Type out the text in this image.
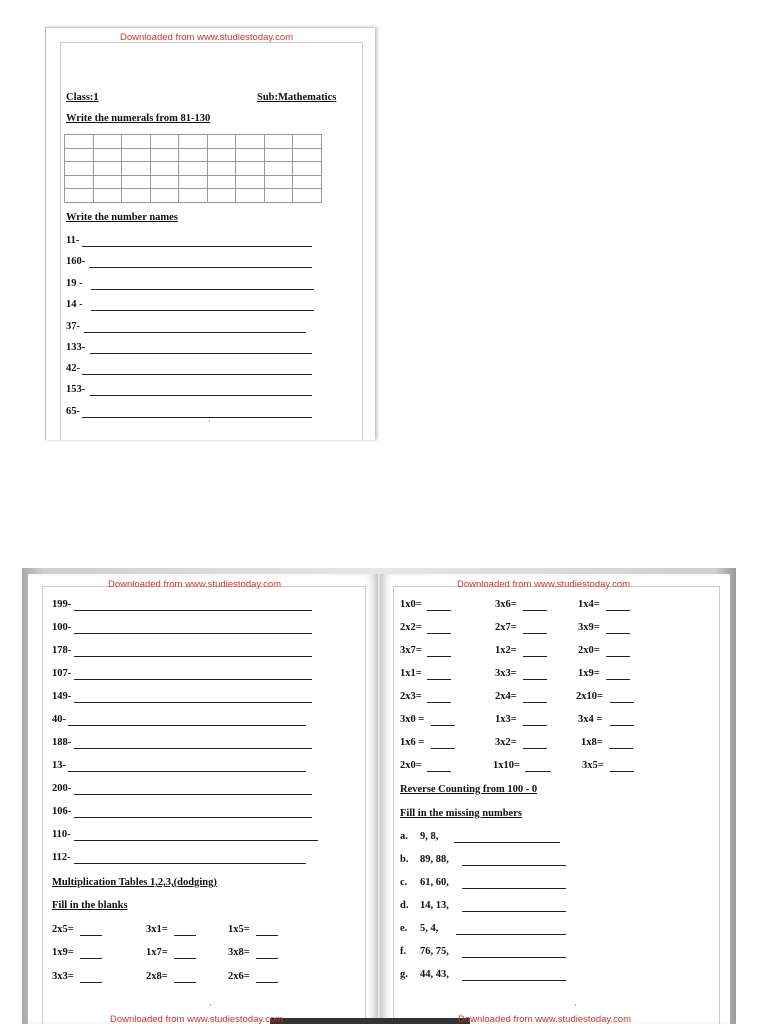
Downloaded from www.studiestoday.com
Class:1	Sub:Mathematics
Write the numerals from 81-130

Write the number names
11-
160-
19 -
14 -
37-
133-
42-
153-
65-
·
Downloaded from www.studiestoday.com
199-
100-
178-
107-
149-
40-
188-
13-
200-
106-
110-
112-
Multiplication Tables 1,2,3,(dodging)
Fill in the blanks
2x5=	3x1=	1x5=
1x9=	1x7=	3x8=
3x3=	2x8=	2x6=
·
Downloaded from www.studiestoday.com
1x0=	3x6=	1x4=
2x2=	2x7=	3x9=
3x7=	1x2=	2x0=
1x1=	3x3=	1x9=
2x3=	2x4=	2x10=
3x0 =	1x3=	3x4 =
1x6 =	3x2=	1x8=
2x0=	1x10=	3x5=
Reverse Counting from 100 - 0
Fill in the missing numbers
a. 9, 8,
b. 89, 88,
c. 61, 60,
d. 14, 13,
e. 5, 4,
f. 76, 75,
g. 44, 43,
·
Downloaded from www.studiestoday.com	Downloaded from www.studiestoday.com
